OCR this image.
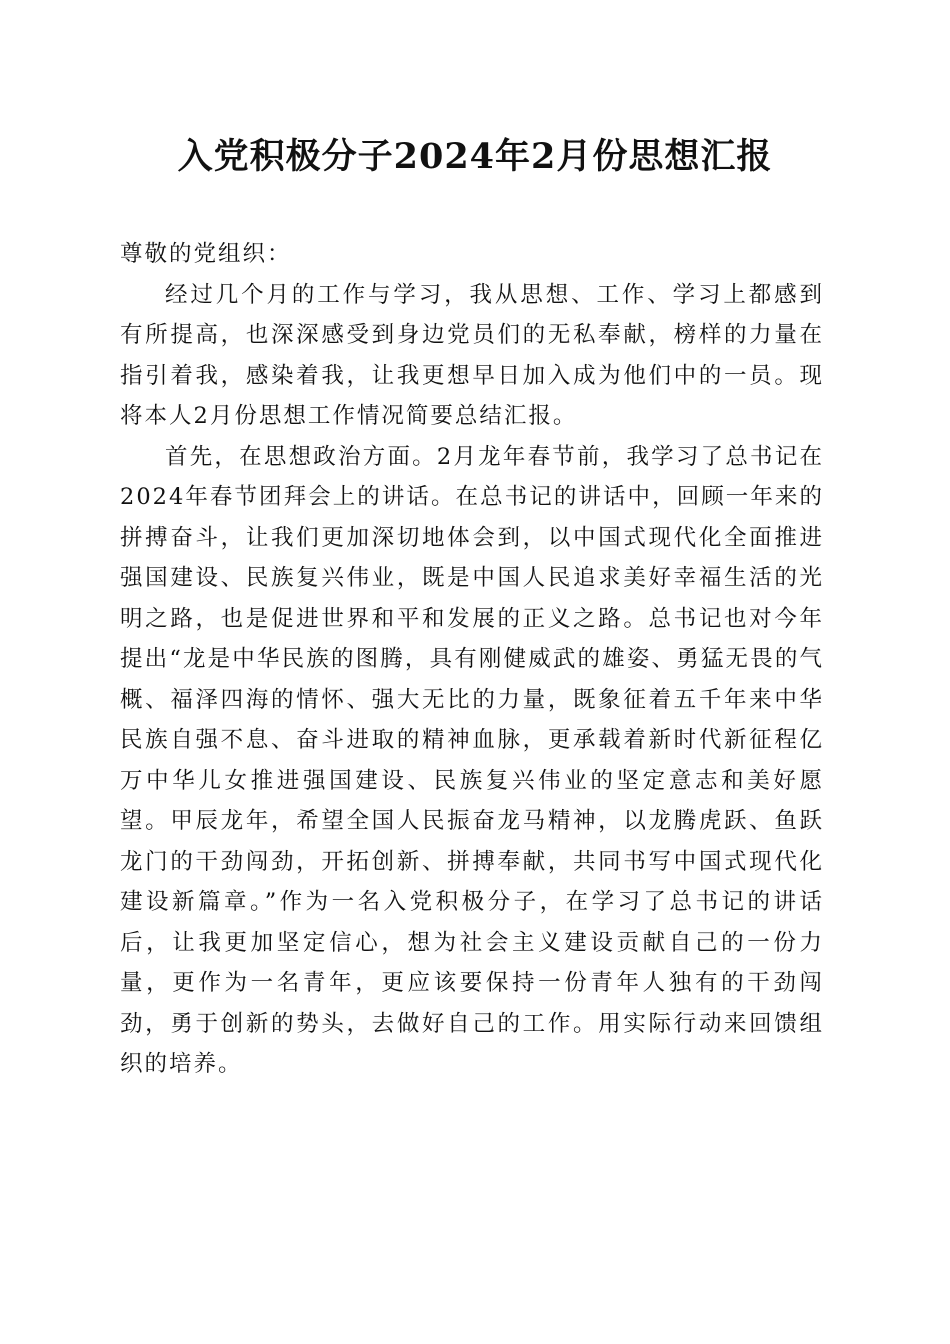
入党积极分子2024年2月份思想汇报

尊敬的党组织：

经过几个月的工作与学习，我从思想、工作、学习上都感到有所提高，也深深感受到身边党员们的无私奉献，榜样的力量在指引着我，感染着我，让我更想早日加入成为他们中的一员。现将本人2月份思想工作情况简要总结汇报。

首先，在思想政治方面。2月龙年春节前，我学习了总书记在2024年春节团拜会上的讲话。在总书记的讲话中，回顾一年来的拼搏奋斗，让我们更加深切地体会到，以中国式现代化全面推进强国建设、民族复兴伟业，既是中国人民追求美好幸福生活的光明之路，也是促进世界和平和发展的正义之路。总书记也对今年提出“龙是中华民族的图腾，具有刚健威武的雄姿、勇猛无畏的气概、福泽四海的情怀、强大无比的力量，既象征着五千年来中华民族自强不息、奋斗进取的精神血脉，更承载着新时代新征程亿万中华儿女推进强国建设、民族复兴伟业的坚定意志和美好愿望。甲辰龙年，希望全国人民振奋龙马精神，以龙腾虎跃、鱼跃龙门的干劲闯劲，开拓创新、拼搏奉献，共同书写中国式现代化建设新篇章。”作为一名入党积极分子，在学习了总书记的讲话后，让我更加坚定信心，想为社会主义建设贡献自己的一份力量，更作为一名青年，更应该要保持一份青年人独有的干劲闯劲，勇于创新的势头，去做好自己的工作。用实际行动来回馈组织的培养。
